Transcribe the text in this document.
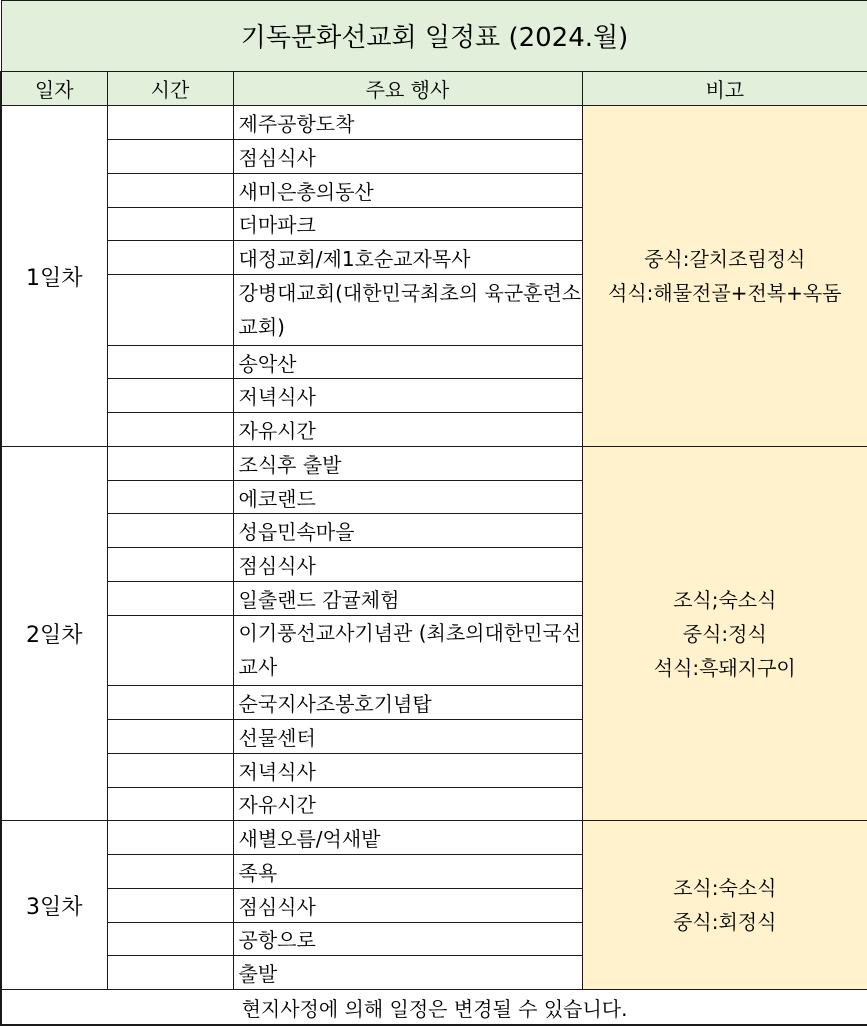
기독문화선교회 일정표 (2024.월)			
일자	시간	주요 행사	비고
1일차		제주공항도착	중식:갈치조림정식
석식:해물전골+전복+옥돔

		점심식사	
		새미은총의동산	
		더마파크	
		대정교회/제1호순교자목사	
		강병대교회(대한민국최초의 육군훈련소교회)	
		송악산	
		저녁식사	
		자유시간	
2일차		조식후 출발	조식;숙소식
중식:정식
석식:흑돼지구이

		에코랜드	
		성읍민속마을	
		점심식사	
		일출랜드 감귤체험	
		이기풍선교사기념관 (최초의대한민국선교사	
		순국지사조봉호기념탑	
		선물센터	
		저녁식사	
		자유시간	
3일차		새별오름/억새밭	조식:숙소식
중식:회정식

		족욕	
		점심식사	
		공항으로	
		출발	
현지사정에 의해 일정은 변경될 수 있습니다.			
